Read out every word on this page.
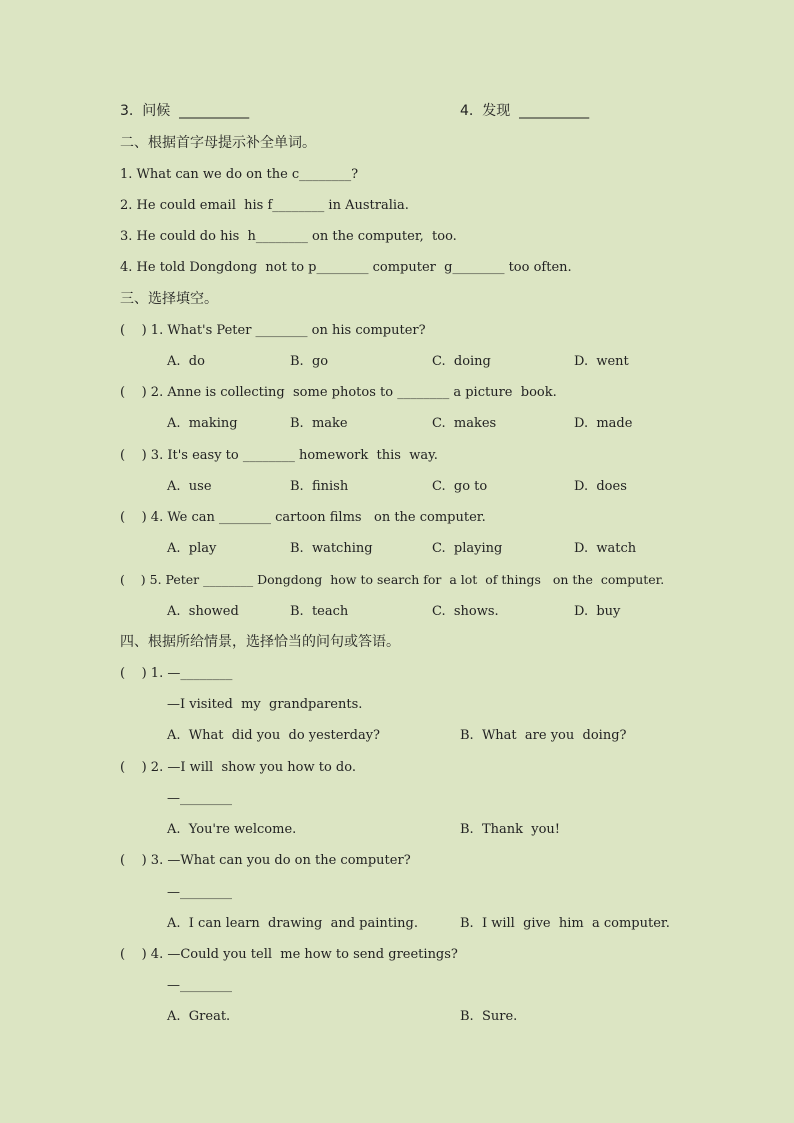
3.  问候  __________	4.  发现  __________
二、根据首字母提示补全单词。
1. What can we do on the c________?
2. He could email  his f________ in Australia.
3. He could do his  h________ on the computer,  too.
4. He told Dongdong  not to p________ computer  g________ too often.
三、选择填空。
(    ) 1. What's Peter ________ on his computer?
A.  do	B.  go	C.  doing	D.  went
(    ) 2. Anne is collecting  some photos to ________ a picture  book.
A.  making	B.  make	C.  makes	D.  made
(    ) 3. It's easy to ________ homework  this  way.
A.  use	B.  finish	C.  go to	D.  does
(    ) 4. We can ________ cartoon films   on the computer.
A.  play	B.  watching	C.  playing	D.  watch
(    ) 5. Peter ________ Dongdong  how to search for  a lot  of things   on the  computer.
A.  showed	B.  teach	C.  shows.	D.  buy
四、根据所给情景，选择恰当的问句或答语。
(    ) 1. —________
—I visited  my  grandparents.
A.  What  did you  do yesterday?	B.  What  are you  doing?
(    ) 2. —I will  show you how to do.
—________
A.  You're welcome.	B.  Thank  you!
(    ) 3. —What can you do on the computer?
—________
A.  I can learn  drawing  and painting.	B.  I will  give  him  a computer.
(    ) 4. —Could you tell  me how to send greetings?
—________
A.  Great.	B.  Sure.
